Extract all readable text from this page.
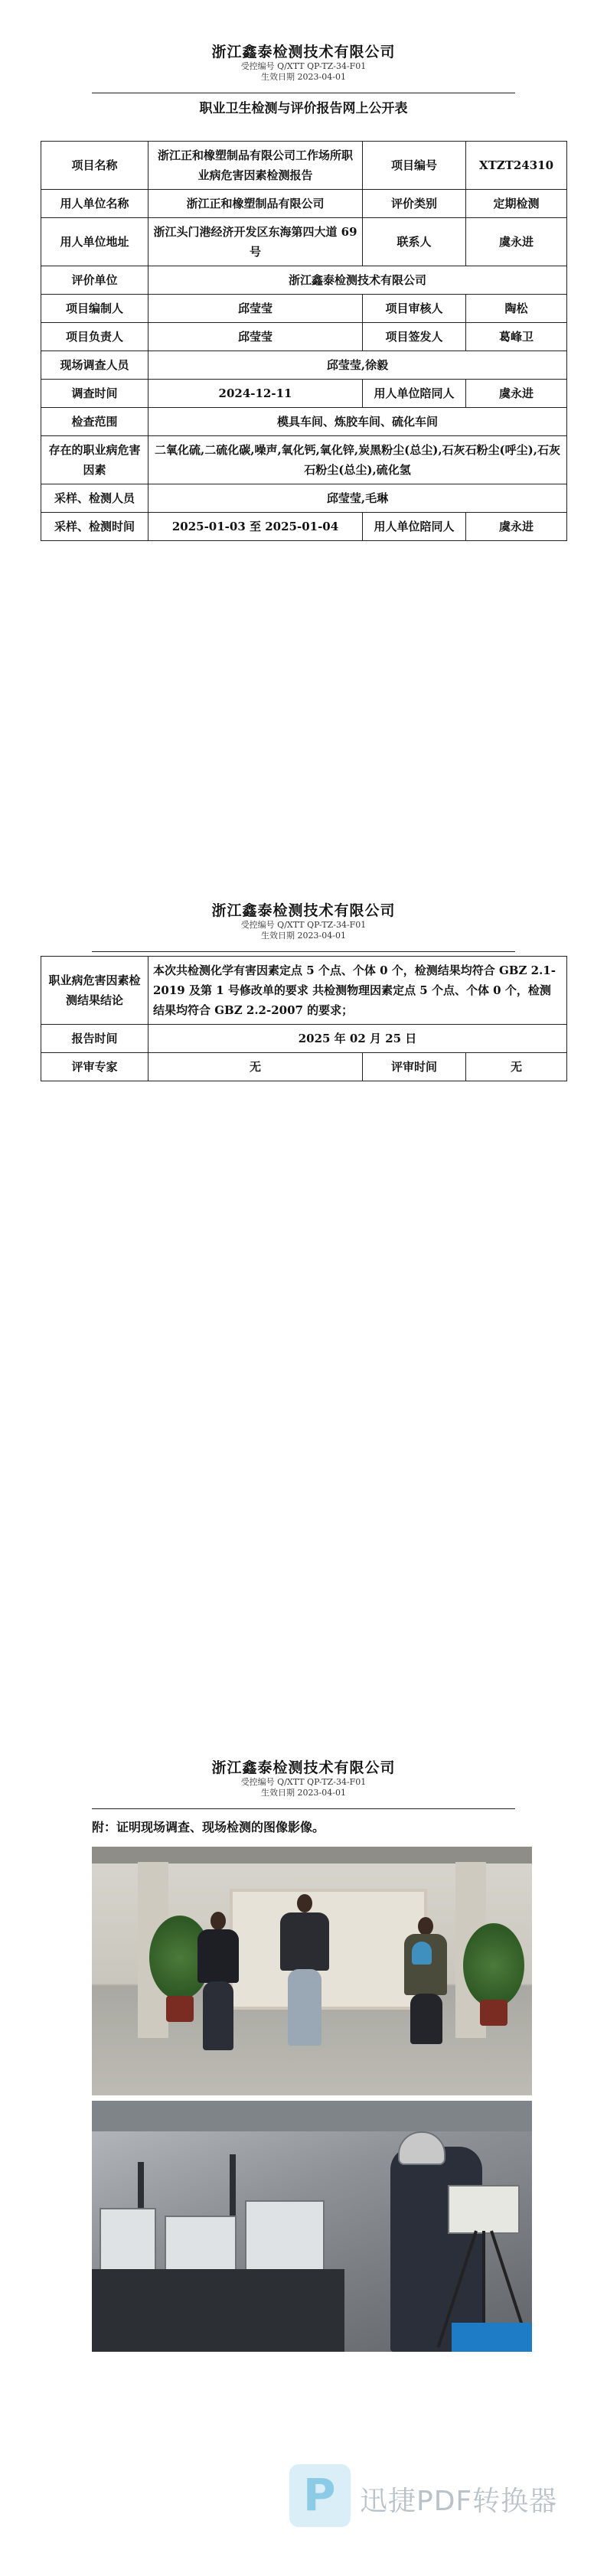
浙江鑫泰检测技术有限公司
受控编号 Q/XTT QP-TZ-34-F01
生效日期 2023-04-01
职业卫生检测与评价报告网上公开表
项目名称	浙江正和橡塑制品有限公司工作场所职业病危害因素检测报告	项目编号	XTZT24310
用人单位名称	浙江正和橡塑制品有限公司	评价类别	定期检测
用人单位地址	浙江头门港经济开发区东海第四大道 69 号	联系人	虞永进
评价单位	浙江鑫泰检测技术有限公司		
项目编制人	邱莹莹	项目审核人	陶松
项目负责人	邱莹莹	项目签发人	葛峰卫
现场调查人员	邱莹莹,徐毅		
调查时间	2024-12-11	用人单位陪同人	虞永进
检查范围	模具车间、炼胶车间、硫化车间		
存在的职业病危害因素	二氧化硫,二硫化碳,噪声,氧化钙,氧化锌,炭黑粉尘(总尘),石灰石粉尘(呼尘),石灰石粉尘(总尘),硫化氢		
采样、检测人员	邱莹莹,毛琳		
采样、检测时间	2025-01-03 至 2025-01-04	用人单位陪同人	虞永进
浙江鑫泰检测技术有限公司
受控编号 Q/XTT QP-TZ-34-F01
生效日期 2023-04-01
职业病危害因素检测结果结论	本次共检测化学有害因素定点 5 个点、个体 0 个，检测结果均符合 GBZ 2.1-2019 及第 1 号修改单的要求 共检测物理因素定点 5 个点、个体 0 个，检测结果均符合 GBZ 2.2-2007 的要求；		
报告时间	2025 年 02 月 25 日		
评审专家	无	评审时间	无
浙江鑫泰检测技术有限公司
受控编号 Q/XTT QP-TZ-34-F01
生效日期 2023-04-01
附：证明现场调查、现场检测的图像影像。
P 迅捷PDF转换器
